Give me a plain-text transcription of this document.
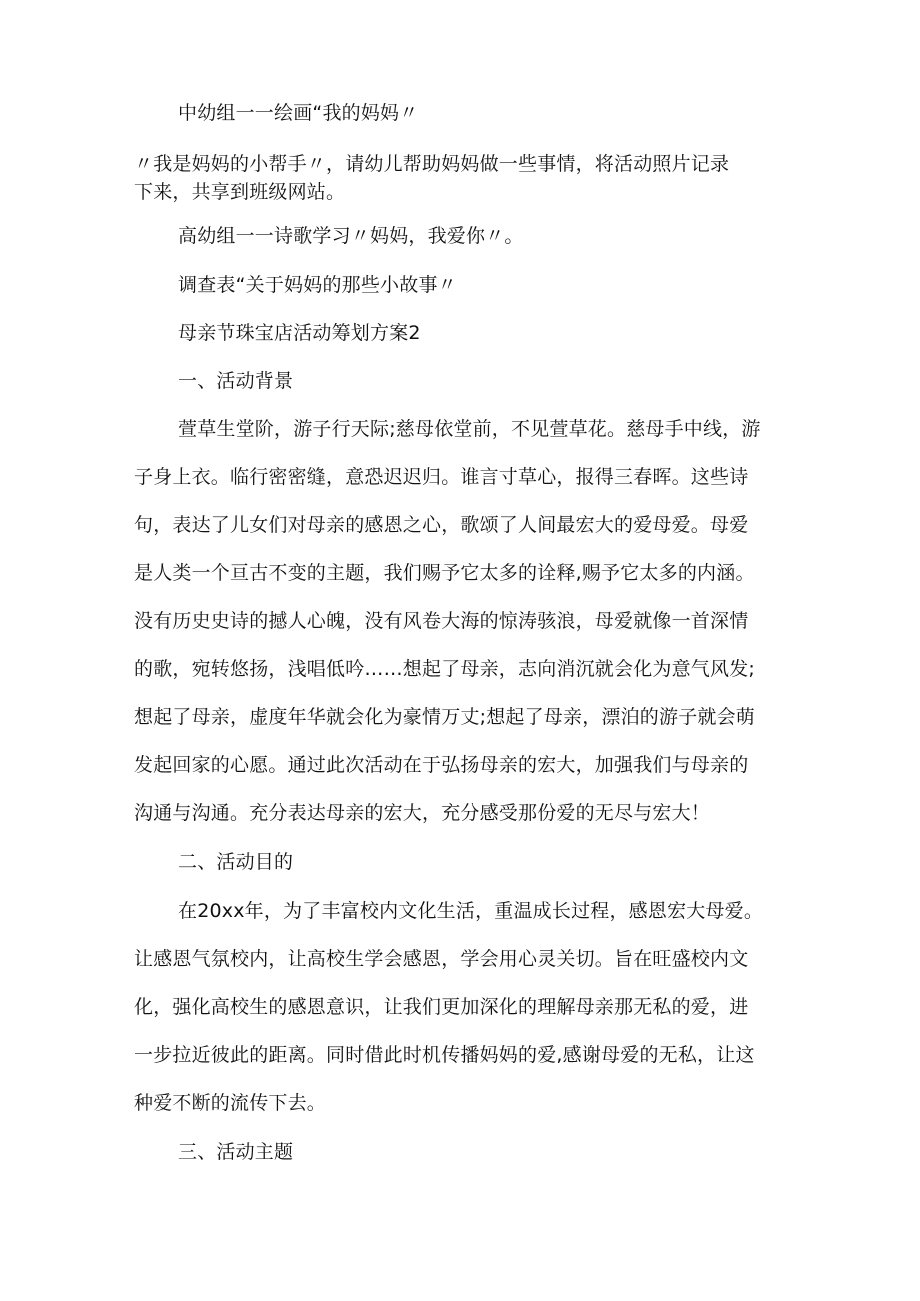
中幼组一一绘画“我的妈妈〃
〃我是妈妈的小帮手〃，请幼儿帮助妈妈做一些事情，将活动照片记录
下来，共享到班级网站。
高幼组一一诗歌学习〃妈妈，我爱你〃。
调查表“关于妈妈的那些小故事〃
母亲节珠宝店活动筹划方案2
一、活动背景
萱草生堂阶，游子行天际;慈母依堂前，不见萱草花。慈母手中线，游
子身上衣。临行密密缝，意恐迟迟归。谁言寸草心，报得三春晖。这些诗
句，表达了儿女们对母亲的感恩之心，歌颂了人间最宏大的爱母爱。母爱
是人类一个亘古不变的主题，我们赐予它太多的诠释,赐予它太多的内涵。
没有历史史诗的撼人心魄，没有风卷大海的惊涛骇浪，母爱就像一首深情
的歌，宛转悠扬，浅唱低吟……想起了母亲，志向消沉就会化为意气风发;
想起了母亲，虚度年华就会化为豪情万丈;想起了母亲，漂泊的游子就会萌
发起回家的心愿。通过此次活动在于弘扬母亲的宏大，加强我们与母亲的
沟通与沟通。充分表达母亲的宏大，充分感受那份爱的无尽与宏大！
二、活动目的
在20xx年，为了丰富校内文化生活，重温成长过程，感恩宏大母爱。
让感恩气氛校内，让高校生学会感恩，学会用心灵关切。旨在旺盛校内文
化，强化高校生的感恩意识，让我们更加深化的理解母亲那无私的爱，进
一步拉近彼此的距离。同时借此时机传播妈妈的爱,感谢母爱的无私，让这
种爱不断的流传下去。
三、活动主题
